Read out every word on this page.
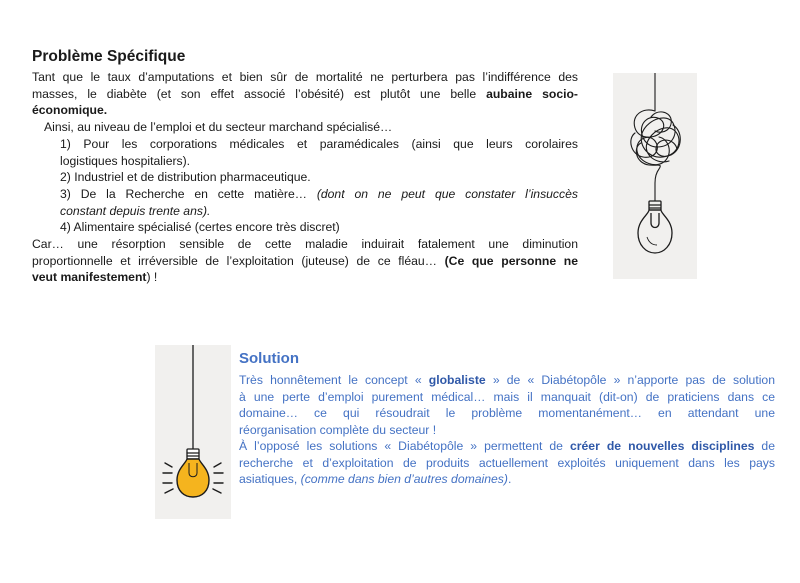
Problème Spécifique

Tant que le taux d’amputations et bien sûr de mortalité ne perturbera pas l’indifférence des

masses, le diabète (et son effet associé l’obésité) est plutôt une belle aubaine socio-

économique.

Ainsi, au niveau de l’emploi et du secteur marchand spécialisé…

1) Pour les corporations médicales et paramédicales (ainsi que leurs corolaires

logistiques hospitaliers).

2) Industriel et de distribution pharmaceutique.

3) De la Recherche en cette matière… (dont on ne peut que constater l’insuccès

constant depuis trente ans).

4) Alimentaire spécialisé (certes encore très discret)

Car… une résorption sensible de cette maladie induirait fatalement une diminution

proportionnelle et irréversible de l’exploitation (juteuse) de ce fléau… (Ce que personne ne

veut manifestement) !

Solution

Très honnêtement le concept « globaliste » de « Diabétopôle » n’apporte pas de solution

à une perte d’emploi purement médical… mais il manquait (dit-on) de praticiens dans ce

domaine… ce qui résoudrait le problème momentanément… en attendant une

réorganisation complète du secteur !

À l’opposé les solutions « Diabétopôle » permettent de créer de nouvelles disciplines de

recherche et d’exploitation de produits actuellement exploités uniquement dans les pays

asiatiques, (comme dans bien d’autres domaines).
